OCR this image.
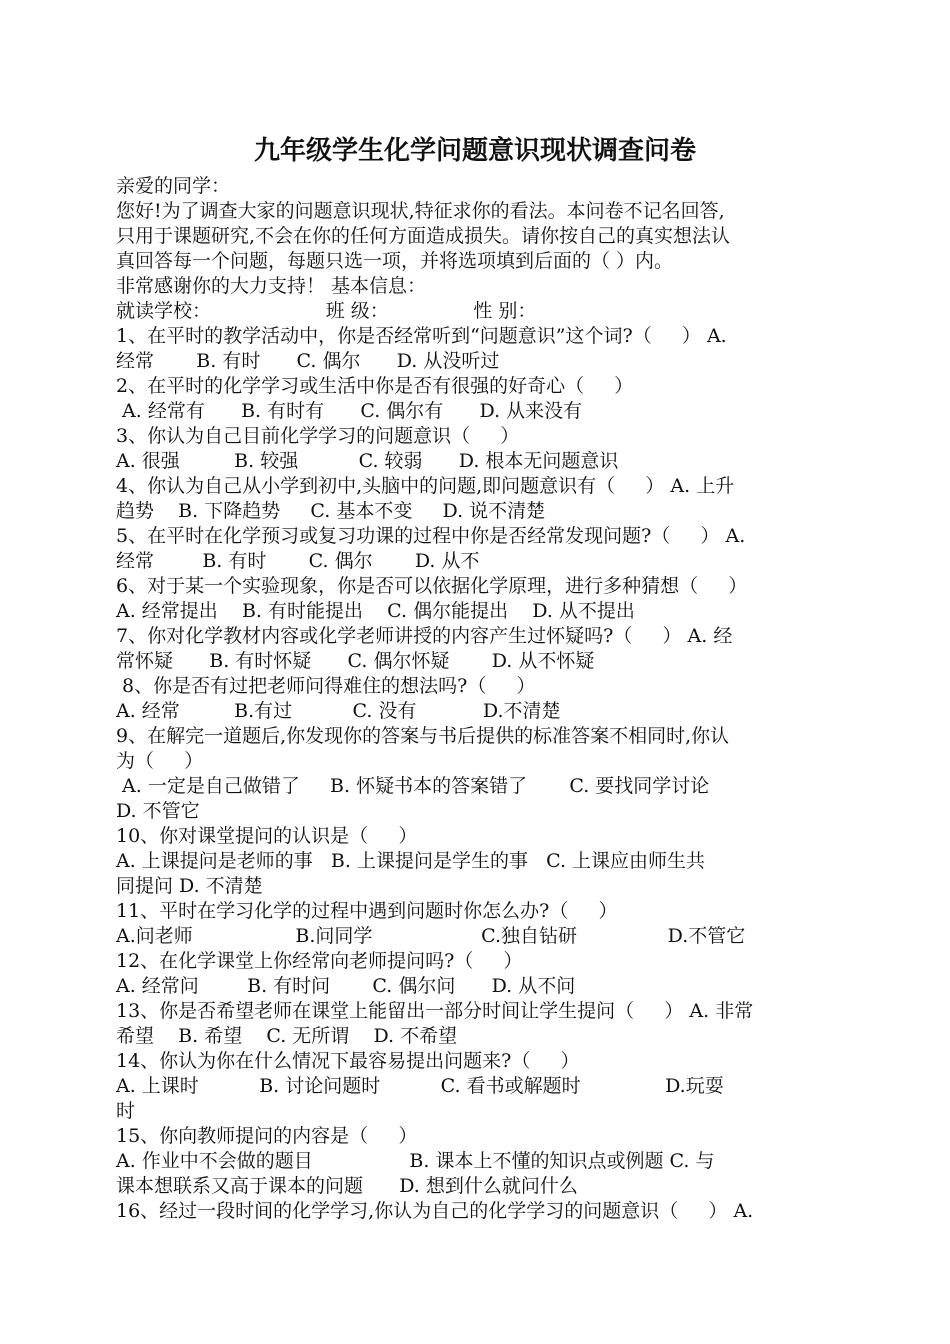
九年级学生化学问题意识现状调查问卷
亲爱的同学：
您好!为了调查大家的问题意识现状,特征求你的看法。本问卷不记名回答,
只用于课题研究,不会在你的任何方面造成损失。请你按自己的真实想法认
真回答每一个问题，每题只选一项，并将选项填到后面的（ ）内。
非常感谢你的大力支持！ 基本信息：
就读学校：                   班 级：              性 别：
1、在平时的教学活动中，你是否经常听到“问题意识”这个词?（     ） A.
经常       B. 有时      C. 偶尔      D. 从没听过
2、在平时的化学学习或生活中你是否有很强的好奇心（     ）
A. 经常有      B. 有时有      C. 偶尔有      D. 从来没有
3、你认为自己目前化学学习的问题意识（     ）
A. 很强         B. 较强          C. 较弱      D. 根本无问题意识
4、你认为自己从小学到初中,头脑中的问题,即问题意识有（     ） A. 上升
趋势    B. 下降趋势     C. 基本不变     D. 说不清楚
5、在平时在化学预习或复习功课的过程中你是否经常发现问题?（     ） A.
经常        B. 有时       C. 偶尔       D. 从不
6、对于某一个实验现象，你是否可以依据化学原理，进行多种猜想（     ）
A. 经常提出    B. 有时能提出    C. 偶尔能提出    D. 从不提出
7、你对化学教材内容或化学老师讲授的内容产生过怀疑吗?（     ） A. 经
常怀疑      B. 有时怀疑      C. 偶尔怀疑       D. 从不怀疑
8、你是否有过把老师问得难住的想法吗?（     ）
A. 经常         B.有过          C. 没有           D.不清楚
9、在解完一道题后,你发现你的答案与书后提供的标准答案不相同时,你认
为（     ）
A. 一定是自己做错了     B. 怀疑书本的答案错了       C. 要找同学讨论
D. 不管它
10、你对课堂提问的认识是（     ）
A. 上课提问是老师的事   B. 上课提问是学生的事   C. 上课应由师生共
同提问 D. 不清楚
11、平时在学习化学的过程中遇到问题时你怎么办?（     ）
A.问老师                 B.问同学                  C.独自钻研               D.不管它
12、在化学课堂上你经常向老师提问吗?（     ）
A. 经常问        B. 有时问       C. 偶尔问      D. 从不问
13、你是否希望老师在课堂上能留出一部分时间让学生提问（     ） A. 非常
希望    B. 希望    C. 无所谓    D. 不希望
14、你认为你在什么情况下最容易提出问题来?（     ）
A. 上课时          B. 讨论问题时          C. 看书或解题时              D.玩耍
时
15、你向教师提问的内容是（     ）
A. 作业中不会做的题目                B. 课本上不懂的知识点或例题 C. 与
课本想联系又高于课本的问题      D. 想到什么就问什么
16、经过一段时间的化学学习,你认为自己的化学学习的问题意识（     ） A.
